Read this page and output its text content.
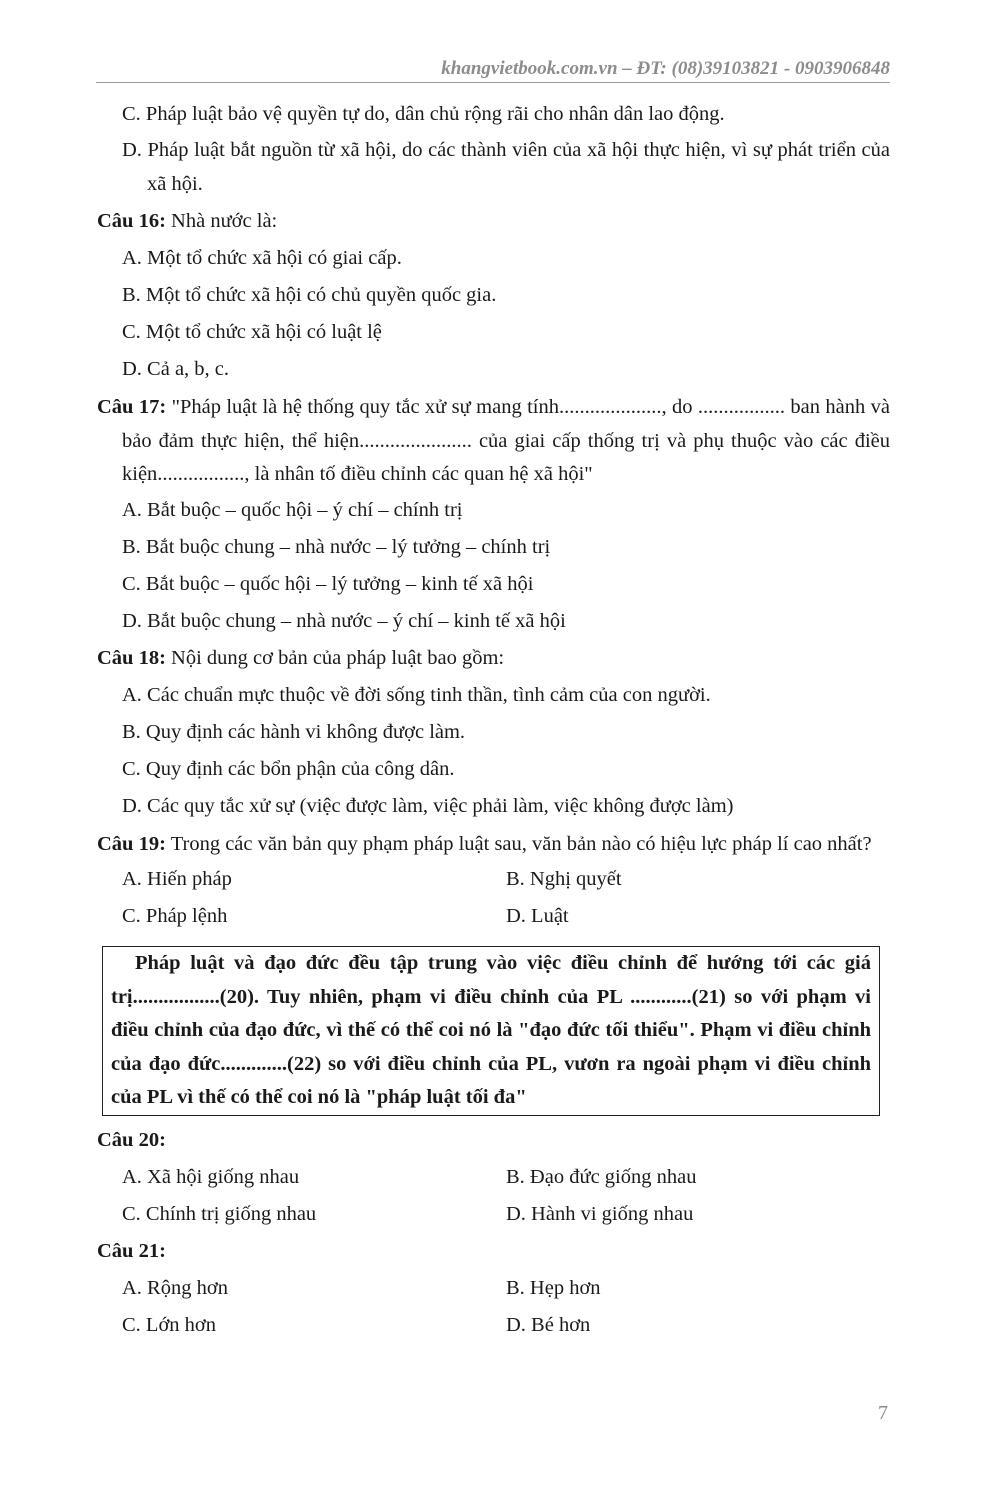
khangvietbook.com.vn – ĐT: (08)39103821 - 0903906848
C. Pháp luật bảo vệ quyền tự do, dân chủ rộng rãi cho nhân dân lao động.
D. Pháp luật bắt nguồn từ xã hội, do các thành viên của xã hội thực hiện, vì sự phát triển của xã hội.
Câu 16: Nhà nước là:
A. Một tổ chức xã hội có giai cấp.
B. Một tổ chức xã hội có chủ quyền quốc gia.
C. Một tổ chức xã hội có luật lệ
D. Cả a, b, c.
Câu 17: "Pháp luật là hệ thống quy tắc xử sự mang tính...................., do ................. ban hành và bảo đảm thực hiện, thể hiện...................... của giai cấp thống trị và phụ thuộc vào các điều kiện................., là nhân tố điều chỉnh các quan hệ xã hội"
A. Bắt buộc – quốc hội – ý chí – chính trị
B. Bắt buộc chung – nhà nước – lý tưởng – chính trị
C. Bắt buộc – quốc hội – lý tưởng – kinh tế xã hội
D. Bắt buộc chung – nhà nước – ý chí – kinh tế xã hội
Câu 18: Nội dung cơ bản của pháp luật bao gồm:
A. Các chuẩn mực thuộc về đời sống tinh thần, tình cảm của con người.
B. Quy định các hành vi không được làm.
C. Quy định các bổn phận của công dân.
D. Các quy tắc xử sự (việc được làm, việc phải làm, việc không được làm)
Câu 19: Trong các văn bản quy phạm pháp luật sau, văn bản nào có hiệu lực pháp lí cao nhất?
A. Hiến pháp	B. Nghị quyết
C. Pháp lệnh	D. Luật

Pháp luật và đạo đức đều tập trung vào việc điều chỉnh để hướng tới các giá trị.................(20). Tuy nhiên, phạm vi điều chỉnh của PL ............(21) so với phạm vi điều chỉnh của đạo đức, vì thế có thể coi nó là "đạo đức tối thiểu". Phạm vi điều chỉnh của đạo đức.............(22) so với điều chỉnh của PL, vươn ra ngoài phạm vi điều chỉnh của PL vì thế có thể coi nó là "pháp luật tối đa"

Câu 20:
A. Xã hội giống nhau	B. Đạo đức giống nhau
C. Chính trị giống nhau	D. Hành vi giống nhau
Câu 21:
A. Rộng hơn	B. Hẹp hơn
C. Lớn hơn	D. Bé hơn
7
